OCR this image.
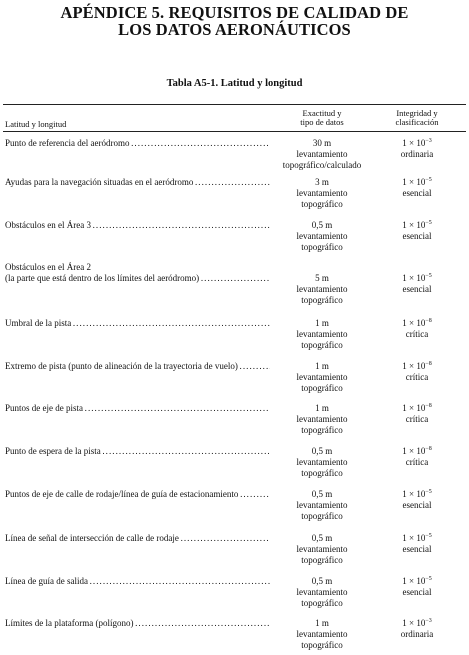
APÉNDICE 5. REQUISITOS DE CALIDAD DE
LOS DATOS AERONÁUTICOS
Tabla A5-1. Latitud y longitud
Latitud y longitud
Exactitud y
tipo de datos
Integridad y
clasificación
Punto de referencia del aeródromo . . .	30 m
levantamiento
topográfico/calculado
$1 \times 10^{-3}$
ordinaria
Ayudas para la navegación situadas en el aeródromo . . .	3 m
levantamiento
topográfico
$1 \times 10^{-5}$
esencial
Obstáculos en el Área 3 . . .	0,5 m
levantamiento
topográfico
$1 \times 10^{-5}$
esencial
Obstáculos en el Área 2
(la parte que está dentro de los límites del aeródromo) . . .	5 m
levantamiento
topográfico
$1 \times 10^{-5}$
esencial
Umbral de la pista . . .	1 m
levantamiento
topográfico
$1 \times 10^{-8}$
crítica
Extremo de pista (punto de alineación de la trayectoria de vuelo) . . .	1 m
levantamiento
topográfico
$1 \times 10^{-8}$
crítica
Puntos de eje de pista . . .	1 m
levantamiento
topográfico
$1 \times 10^{-8}$
crítica
Punto de espera de la pista . . .	0,5 m
levantamiento
topográfico
$1 \times 10^{-8}$
crítica
Puntos de eje de calle de rodaje/línea de guía de estacionamiento . . .	0,5 m
levantamiento
topográfico
$1 \times 10^{-5}$
esencial
Línea de señal de intersección de calle de rodaje . . .	0,5 m
levantamiento
topográfico
$1 \times 10^{-5}$
esencial
Línea de guía de salida . . .	0,5 m
levantamiento
topográfico
$1 \times 10^{-5}$
esencial
Límites de la plataforma (polígono) . . .	1 m
levantamiento
topográfico
$1 \times 10^{-3}$
ordinaria
